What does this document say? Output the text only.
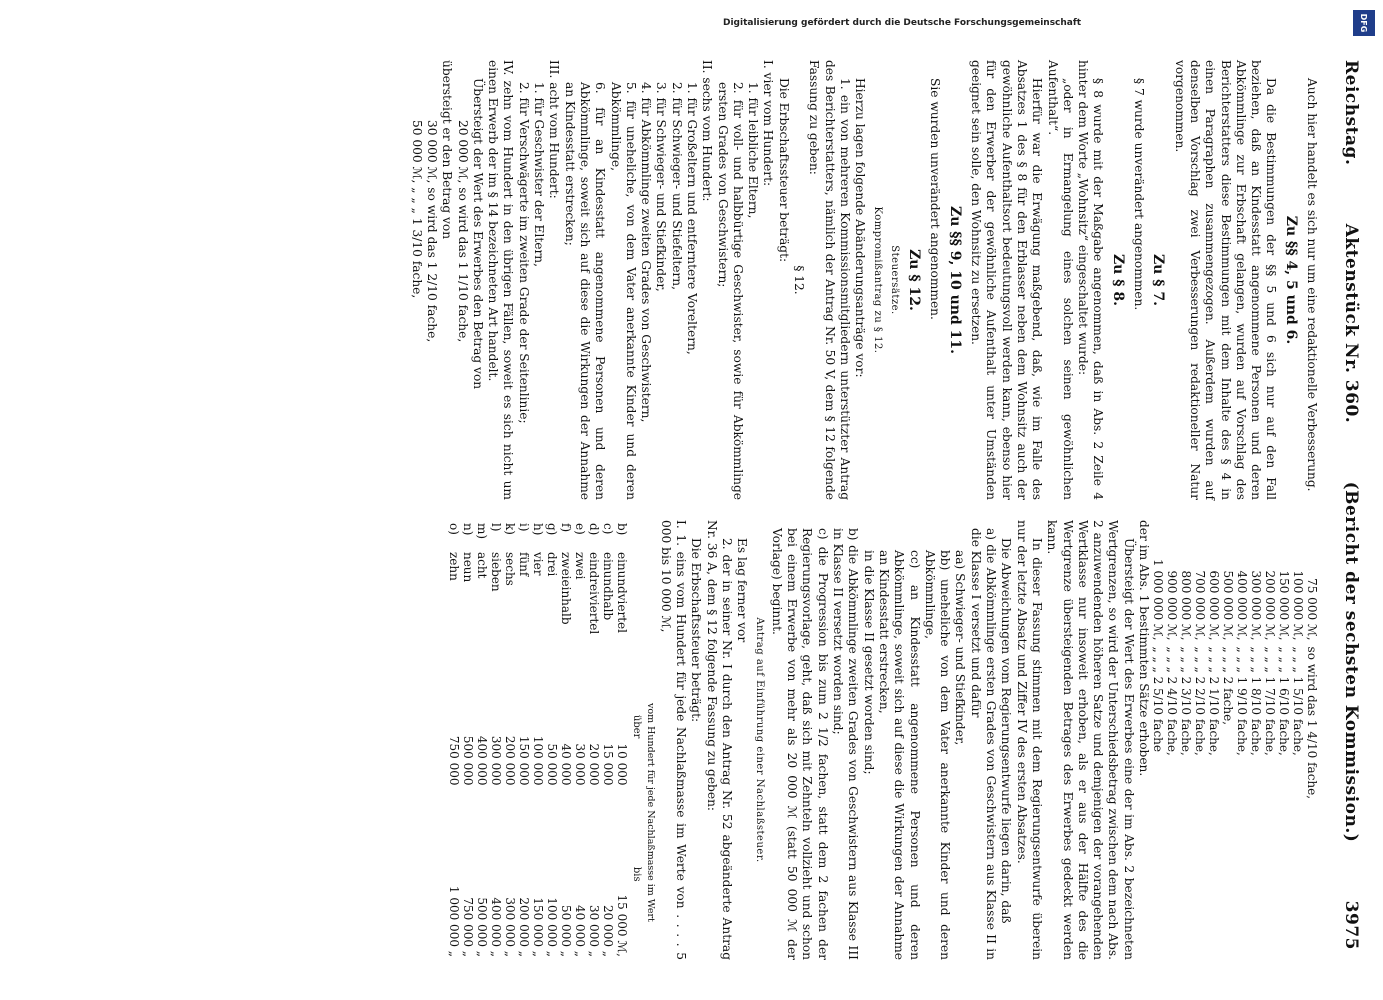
Reichstag.
Aktenstück Nr. 360.
(Bericht der sechsten Kommission.)
3975

Auch hier handelt es sich nur um eine redaktionelle Verbesserung.

Zu §§ 4, 5 und 6.

Da die Bestimmungen der §§ 5 und 6 sich nur auf den Fall beziehen, daß an Kindesstatt angenommene Personen und deren Abkömmlinge zur Erbschaft gelangen, wurden auf Vorschlag des Berichterstatters diese Bestimmungen mit dem Inhalte des § 4 in einen Paragraphen zusammengezogen. Außerdem wurden auf denselben Vorschlag zwei Verbesserungen redaktioneller Natur vorgenommen.

Zu § 7.

§ 7 wurde unverändert angenommen.

Zu § 8.

§ 8 wurde mit der Maßgabe angenommen, daß in Abs. 2 Zeile 4 hinter dem Worte „Wohnsitz“ eingeschaltet wurde:

„oder in Ermangelung eines solchen seinen gewöhnlichen Aufenthalt“.

Hierfür war die Erwägung maßgebend, daß, wie im Falle des Absatzes 1 des § 8 für den Erblasser neben dem Wohnsitz auch der gewöhnliche Aufenthaltsort bedeutungsvoll werden kann, ebenso hier für den Erwerber der gewöhnliche Aufenthalt unter Umständen geeignet sein solle, den Wohnsitz zu ersetzen.

Zu §§ 9, 10 und 11.

Sie wurden unverändert angenommen.

Zu § 12.
Steuersätze.
Kompromißantrag zu § 12.

Hierzu lagen folgende Abänderungsanträge vor:

1. ein von mehreren Kommissionsmitgliedern unterstützter Antrag des Berichterstatters, nämlich der Antrag Nr. 50 V, dem § 12 folgende Fassung zu geben:

§ 12.

Die Erbschaftssteuer beträgt:

I. vier vom Hundert:

1. für leibliche Eltern,

2. für voll- und halbbürtige Geschwister, sowie für Abkömmlinge ersten Grades von Geschwistern;

II. sechs vom Hundert:

1. für Großeltern und entferntere Voreltern,

2. für Schwieger- und Stiefeltern,

3. für Schwieger- und Stiefkinder,

4. für Abkömmlinge zweiten Grades von Geschwistern,

5. für uneheliche, von dem Vater anerkannte Kinder und deren Abkömmlinge,

6. für an Kindesstatt angenommene Personen und deren Abkömmlinge, soweit sich auf diese die Wirkungen der Annahme an Kindesstatt erstrecken;

III. acht vom Hundert:

1. für Geschwister der Eltern,

2. für Verschwägerte im zweiten Grade der Seitenlinie;

IV. zehn vom Hundert in den übrigen Fällen, soweit es sich nicht um einen Erwerb der im § 14 bezeichneten Art handelt.

Übersteigt der Wert des Erwerbes den Betrag von

20 000 ℳ, so wird das 1 1/10 fache,

übersteigt er den Betrag von

30 000 ℳ, so wird das 1 2/10 fache,

50 000 ℳ, „ „ „ 1 3/10 fache,

75 000 ℳ,	so wird das 1 4/10 fache,
100 000 ℳ,	„ „ „ 1 5/10 fache,
150 000 ℳ,	„ „ „ 1 6/10 fache,
200 000 ℳ,	„ „ „ 1 7/10 fache,
300 000 ℳ,	„ „ „ 1 8/10 fache,
400 000 ℳ,	„ „ „ 1 9/10 fache,
500 000 ℳ,	„ „ „ 2 fache,
600 000 ℳ,	„ „ „ 2 1/10 fache,
700 000 ℳ,	„ „ „ 2 2/10 fache,
800 000 ℳ,	„ „ „ 2 3/10 fache,
900 000 ℳ,	„ „ „ 2 4/10 fache,
1 000 000 ℳ,	„ „ „ 2 5/10 fache

der im Abs. 1 bestimmten Sätze erhoben.

Übersteigt der Wert des Erwerbes eine der im Abs. 2 bezeichneten Wertgrenzen, so wird der Unterschiedsbetrag zwischen dem nach Abs. 2 anzuwendenden höheren Satze und demjenigen der vorangehenden Wertklasse nur insoweit erhoben, als er aus der Hälfte des die Wertgrenze übersteigenden Betrages des Erwerbes gedeckt werden kann.

In dieser Fassung stimmen mit dem Regierungsentwurfe überein nur der letzte Absatz und Ziffer IV des ersten Absatzes.

Die Abweichungen vom Regierungsentwurfe liegen darin, daß

a) die Abkömmlinge ersten Grades von Geschwistern aus Klasse II in die Klasse I versetzt und dafür

aa) Schwieger- und Stiefkinder,

bb) uneheliche von dem Vater anerkannte Kinder und deren Abkömmlinge,

cc) an Kindesstatt angenommene Personen und deren Abkömmlinge, soweit sich auf diese die Wirkungen der Annahme an Kindesstatt erstrecken,

in die Klasse II gesetzt worden sind;

b) die Abkömmlinge zweiten Grades von Geschwistern aus Klasse III in Klasse II versetzt worden sind;

c) die Progression bis zum 2 1/2 fachen, statt dem 2 fachen der Regierungsvorlage, geht, daß sich mit Zehnteln vollzieht und schon bei einem Erwerbe von mehr als 20 000 ℳ (statt 50 000 ℳ der Vorlage) beginnt.

Antrag auf Einführung einer Nachlaßsteuer.

Es lag ferner vor

2. der in seiner Nr. I durch den Antrag Nr. 52 abgeänderte Antrag Nr. 36 A, dem § 12 folgende Fassung zu geben:

Die Erbschaftssteuer beträgt:

I. 1. eins vom Hundert für jede Nachlaßmasse im Werte von . . . . 5 000 bis 10 000 ℳ,

		vom Hundert für jede Nachlaßmasse im Wert	
		über	bis
b)	einundviertel	10 000	15 000 ℳ,
c)	einundhalb	15 000	20 000 „
d)	eindreiviertel	20 000	30 000 „
e)	zwei	30 000	40 000 „
f)	zweieinhalb	40 000	50 000 „
g)	drei	50 000	100 000 „
h)	vier	100 000	150 000 „
i)	fünf	150 000	200 000 „
k)	sechs	200 000	300 000 „
l)	sieben	300 000	400 000 „
m)	acht	400 000	500 000 „
n)	neun	500 000	750 000 „
o)	zehn	750 000	1 000 000 „
Digitalisierung gefördert durch die Deutsche Forschungsgemeinschaft	DFG
